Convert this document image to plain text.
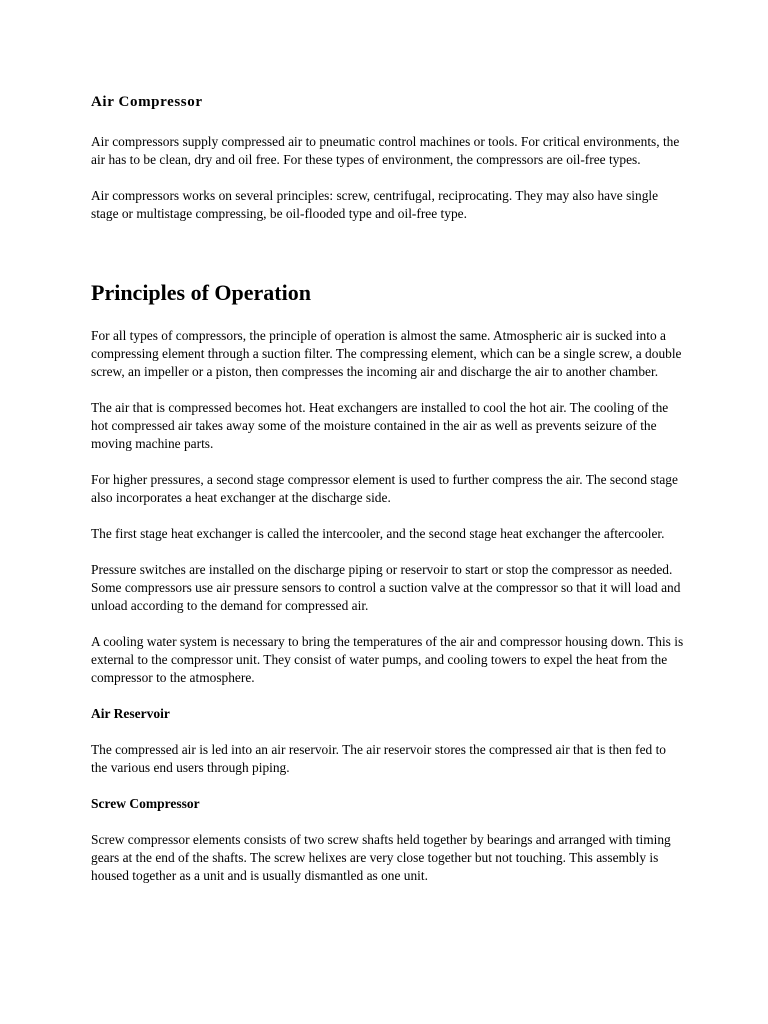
Air Compressor

Air compressors supply compressed air to pneumatic control machines or tools. For critical environments, the air has to be clean, dry and oil free. For these types of environment, the compressors are oil-free types.

Air compressors works on several principles: screw, centrifugal, reciprocating. They may also have single stage or multistage compressing, be oil-flooded type and oil-free type.

Principles of Operation

For all types of compressors, the principle of operation is almost the same. Atmospheric air is sucked into a compressing element through a suction filter. The compressing element, which can be a single screw, a double screw, an impeller or a piston, then compresses the incoming air and discharge the air to another chamber.

The air that is compressed becomes hot. Heat exchangers are installed to cool the hot air. The cooling of the hot compressed air takes away some of the moisture contained in the air as well as prevents seizure of the moving machine parts.

For higher pressures, a second stage compressor element is used to further compress the air. The second stage also incorporates a heat exchanger at the discharge side.

The first stage heat exchanger is called the intercooler, and the second stage heat exchanger the aftercooler.

Pressure switches are installed on the discharge piping or reservoir to start or stop the compressor as needed. Some compressors use air pressure sensors to control a suction valve at the compressor so that it will load and unload according to the demand for compressed air.

A cooling water system is necessary to bring the temperatures of the air and compressor housing down. This is external to the compressor unit. They consist of water pumps, and cooling towers to expel the heat from the compressor to the atmosphere.

Air Reservoir

The compressed air is led into an air reservoir. The air reservoir stores the compressed air that is then fed to the various end users through piping.

Screw Compressor

Screw compressor elements consists of two screw shafts held together by bearings and arranged with timing gears at the end of the shafts. The screw helixes are very close together but not touching. This assembly is housed together as a unit and is usually dismantled as one unit.
